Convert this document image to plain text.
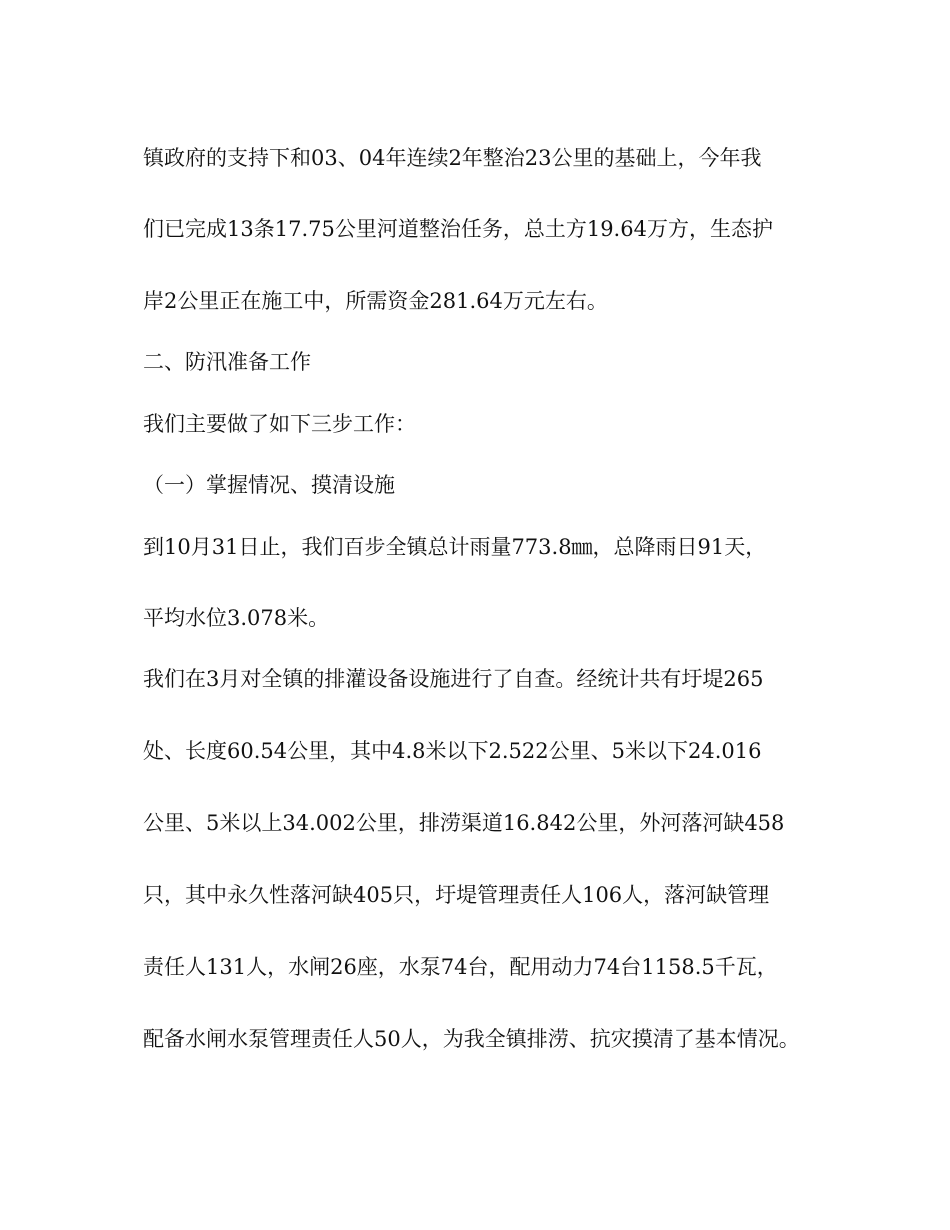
镇政府的支持下和03、04年连续2年整治23公里的基础上，今年我
们已完成13条17.75公里河道整治任务，总土方19.64万方，生态护
岸2公里正在施工中，所需资金281.64万元左右。
二、防汛准备工作
我们主要做了如下三步工作：
（一）掌握情况、摸清设施
到10月31日止，我们百步全镇总计雨量773.8㎜，总降雨日91天，
平均水位3.078米。
我们在3月对全镇的排灌设备设施进行了自查。经统计共有圩堤265
处、长度60.54公里，其中4.8米以下2.522公里、5米以下24.016
公里、5米以上34.002公里，排涝渠道16.842公里，外河落河缺458
只，其中永久性落河缺405只，圩堤管理责任人106人，落河缺管理
责任人131人，水闸26座，水泵74台，配用动力74台1158.5千瓦，
配备水闸水泵管理责任人50人，为我全镇排涝、抗灾摸清了基本情况。
